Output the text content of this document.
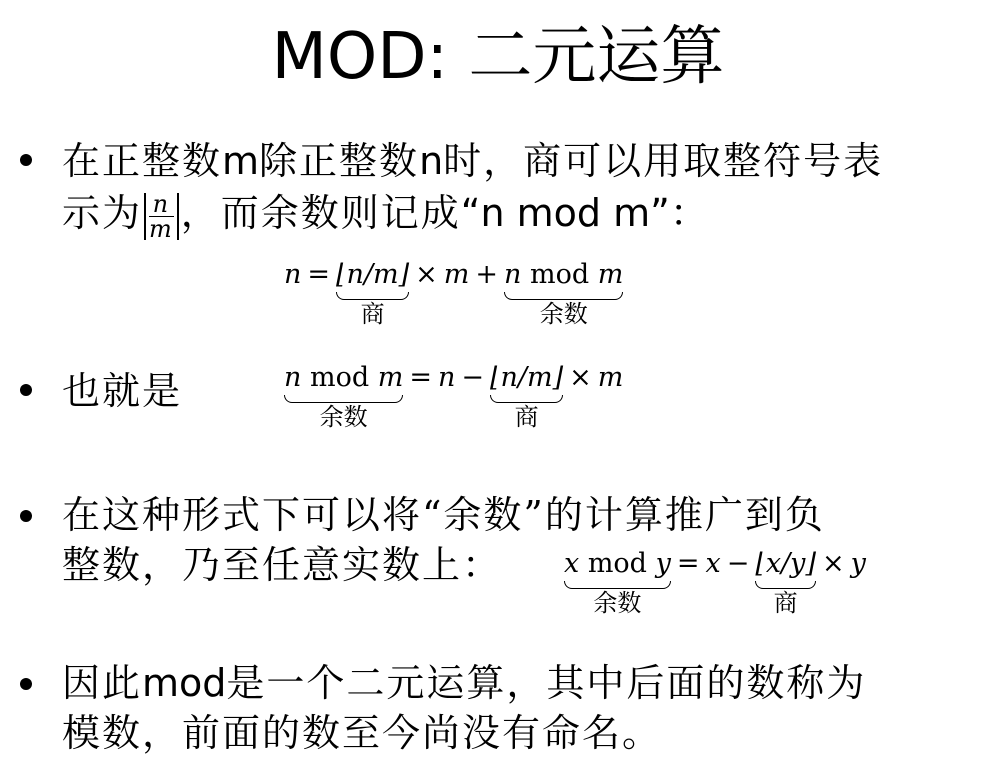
MOD: 二元运算
在正整数m除正整数n时，商可以用取整符号表
示为 $\frac{n}{m}$ ，而余数则记成“n mod m”：
n = ⌊n/m⌋
商
× m + n mod m
余数
也就是	n mod m
余数
= n − ⌊n/m⌋
商
× m
在这种形式下可以将“余数”的计算推广到负
整数，乃至任意实数上： x mod y
余数
= x − ⌊x/y⌋
商
× y
因此mod是一个二元运算，其中后面的数称为
模数，前面的数至今尚没有命名。
